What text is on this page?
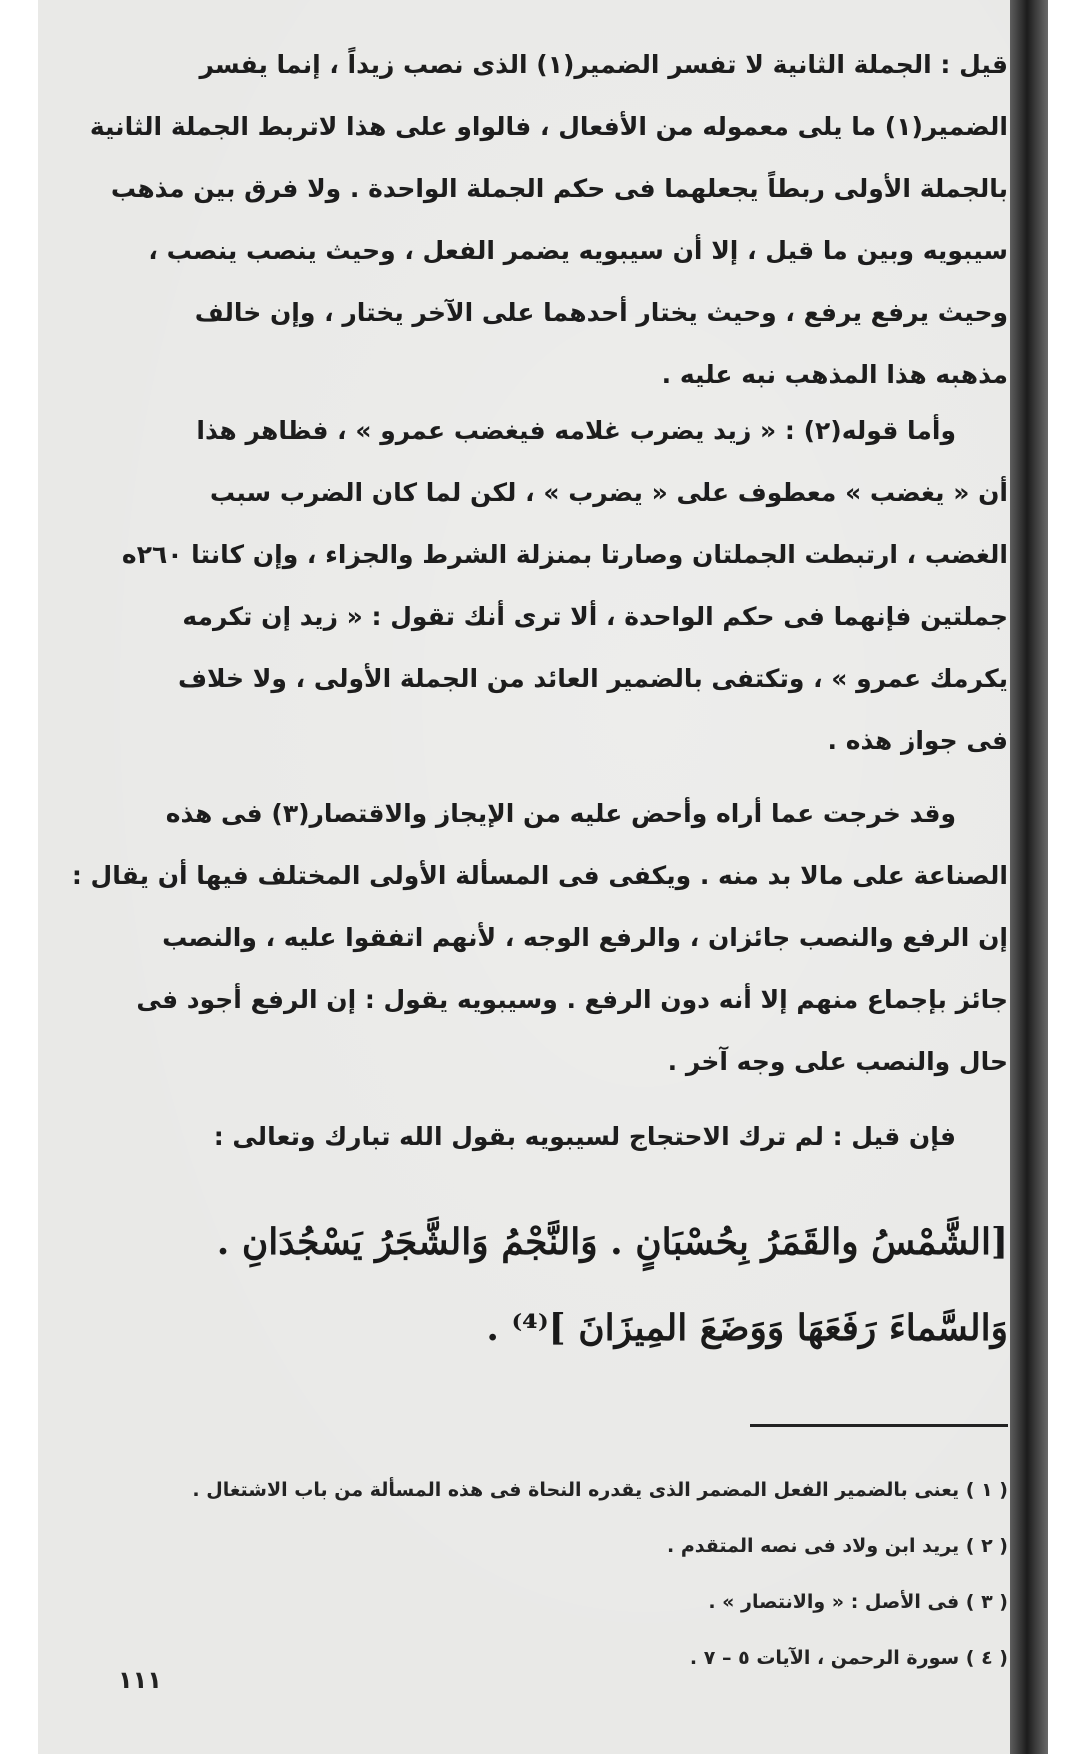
قيل : الجملة الثانية لا تفسر الضمير(١) الذى نصب زيداً ، إنما يفسر
الضمير(١) ما يلى معموله من الأفعال ، فالواو على هذا لاتربط الجملة الثانية
بالجملة الأولى ربطاً يجعلهما فى حكم الجملة الواحدة . ولا فرق بين مذهب
سيبويه وبين ما قيل ، إلا أن سيبويه يضمر الفعل ، وحيث ينصب ينصب ،
وحيث يرفع يرفع ، وحيث يختار أحدهما على الآخر يختار ، وإن خالف
مذهبه هذا المذهب نبه عليه .
وأما قوله(٢) : « زيد يضرب غلامه فيغضب عمرو » ، فظاهر هذا
أن « يغضب » معطوف على « يضرب » ، لكن لما كان الضرب سبب
الغضب ، ارتبطت الجملتان وصارتا بمنزلة الشرط والجزاء ، وإن كانتا ٢٦٠ه
جملتين فإنهما فى حكم الواحدة ، ألا ترى أنك تقول : « زيد إن تكرمه
يكرمك عمرو » ، وتكتفى بالضمير العائد من الجملة الأولى ، ولا خلاف
فى جواز هذه .
وقد خرجت عما أراه وأحض عليه من الإيجاز والاقتصار(٣) فى هذه
الصناعة على مالا بد منه . ويكفى فى المسألة الأولى المختلف فيها أن يقال :
إن الرفع والنصب جائزان ، والرفع الوجه ، لأنهم اتفقوا عليه ، والنصب
جائز بإجماع منهم إلا أنه دون الرفع . وسيبويه يقول : إن الرفع أجود فى
حال والنصب على وجه آخر .
فإن قيل : لم ترك الاحتجاج لسيبويه بقول الله تبارك وتعالى :
[الشَّمْسُ والقَمَرُ بِحُسْبَانٍ . وَالنَّجْمُ وَالشَّجَرُ يَسْجُدَانِ .
وَالسَّماءَ رَفَعَهَا وَوَضَعَ المِيزَانَ ]⁽⁴⁾ .
( ١ ) يعنى بالضمير الفعل المضمر الذى يقدره النحاة فى هذه المسألة من باب الاشتغال .
( ٢ ) يريد ابن ولاد فى نصه المتقدم .
( ٣ ) فى الأصل : « والانتصار » .
( ٤ ) سورة الرحمن ، الآيات ٥ – ٧ .
١١١
